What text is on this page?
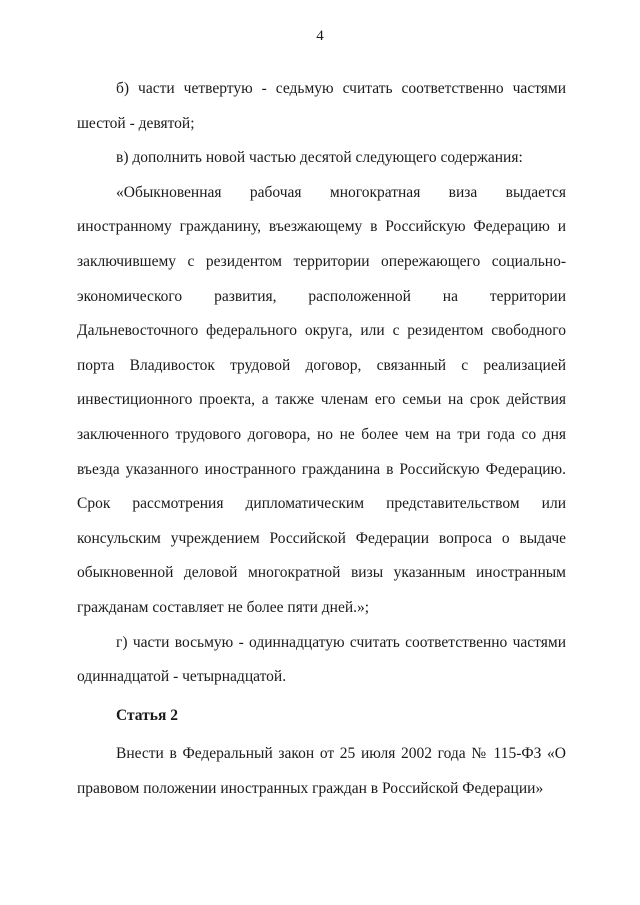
4

б) части четвертую - седьмую считать соответственно частями шестой - девятой;

в) дополнить новой частью десятой следующего содержания:

«Обыкновенная рабочая многократная виза выдается иностранному гражданину, въезжающему в Российскую Федерацию и заключившему с резидентом территории опережающего социально-экономического развития, расположенной на территории Дальневосточного федерального округа, или с резидентом свободного порта Владивосток трудовой договор, связанный с реализацией инвестиционного проекта, а также членам его семьи на срок действия заключенного трудового договора, но не более чем на три года со дня въезда указанного иностранного гражданина в Российскую Федерацию. Срок рассмотрения дипломатическим представительством или консульским учреждением Российской Федерации вопроса о выдаче обыкновенной деловой многократной визы указанным иностранным гражданам составляет не более пяти дней.»;

г) части восьмую - одиннадцатую считать соответственно частями одиннадцатой - четырнадцатой.

Статья 2

Внести в Федеральный закон от 25 июля 2002 года № 115-ФЗ «О правовом положении иностранных граждан в Российской Федерации»
